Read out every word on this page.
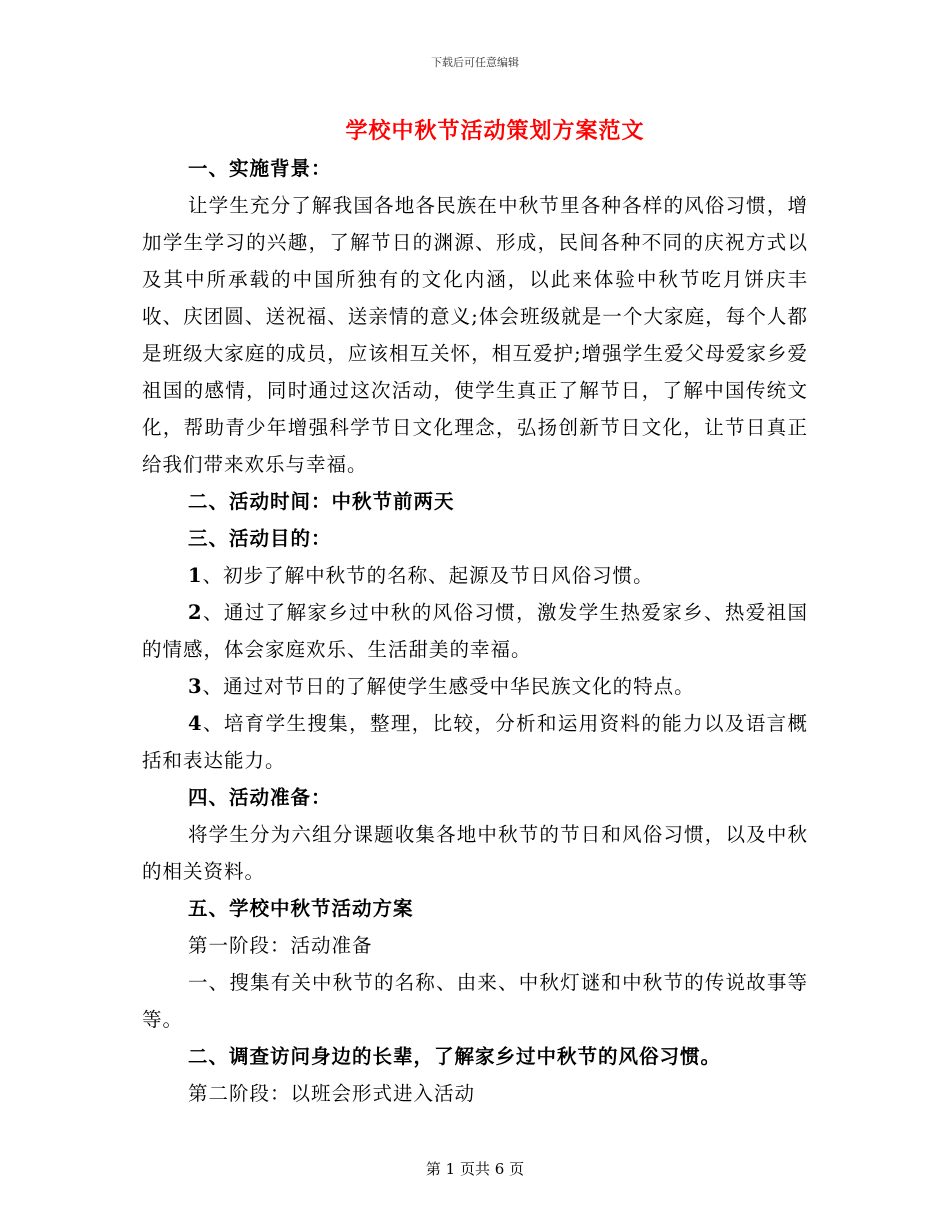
下载后可任意编辑
学校中秋节活动策划方案范文

一、实施背景：

让学生充分了解我国各地各民族在中秋节里各种各样的风俗习惯，增加学生学习的兴趣，了解节日的渊源、形成，民间各种不同的庆祝方式以及其中所承载的中国所独有的文化内涵，以此来体验中秋节吃月饼庆丰收、庆团圆、送祝福、送亲情的意义;体会班级就是一个大家庭，每个人都是班级大家庭的成员，应该相互关怀，相互爱护;增强学生爱父母爱家乡爱祖国的感情，同时通过这次活动，使学生真正了解节日，了解中国传统文化，帮助青少年增强科学节日文化理念，弘扬创新节日文化，让节日真正给我们带来欢乐与幸福。

二、活动时间：中秋节前两天

三、活动目的：

1、初步了解中秋节的名称、起源及节日风俗习惯。

2、通过了解家乡过中秋的风俗习惯，激发学生热爱家乡、热爱祖国的情感，体会家庭欢乐、生活甜美的幸福。

3、通过对节日的了解使学生感受中华民族文化的特点。

4、培育学生搜集，整理，比较，分析和运用资料的能力以及语言概括和表达能力。

四、活动准备：

将学生分为六组分课题收集各地中秋节的节日和风俗习惯，以及中秋的相关资料。

五、学校中秋节活动方案

第一阶段：活动准备

一、搜集有关中秋节的名称、由来、中秋灯谜和中秋节的传说故事等等。

二、调查访问身边的长辈，了解家乡过中秋节的风俗习惯。

第二阶段：以班会形式进入活动

第 1 页共 6 页
